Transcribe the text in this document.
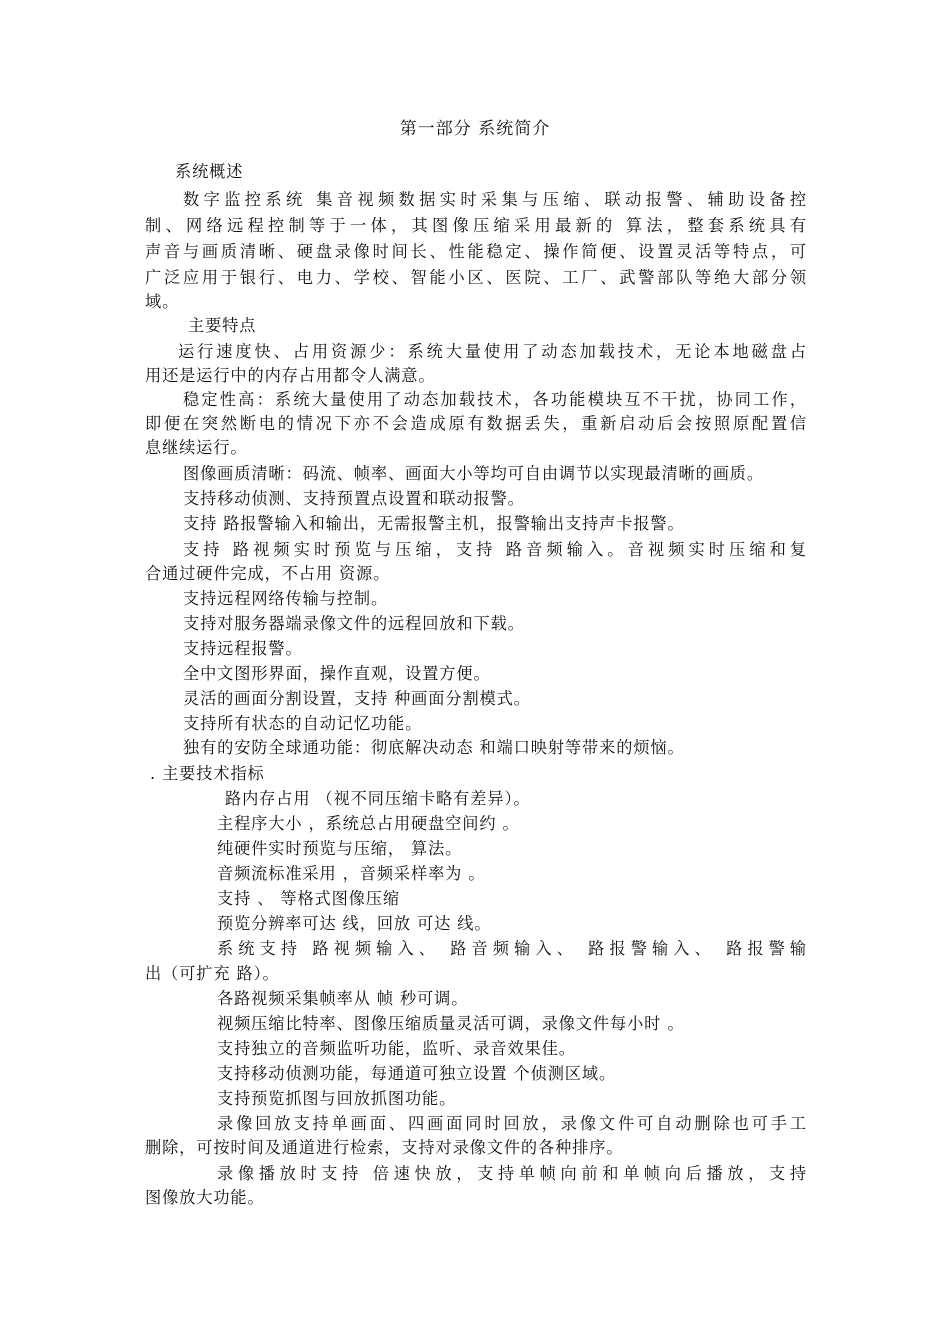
第一部分 系统简介
系统概述
数字监控系统 集音视频数据实时采集与压缩、联动报警、辅助设备控
制、网络远程控制等于一体，其图像压缩采用最新的 算法，整套系统具有
声音与画质清晰、硬盘录像时间长、性能稳定、操作简便、设置灵活等特点，可
广泛应用于银行、电力、学校、智能小区、医院、工厂、武警部队等绝大部分领
域。
主要特点
运行速度快、占用资源少：系统大量使用了动态加载技术，无论本地磁盘占
用还是运行中的内存占用都令人满意。
稳定性高：系统大量使用了动态加载技术，各功能模块互不干扰，协同工作，
即便在突然断电的情况下亦不会造成原有数据丢失，重新启动后会按照原配置信
息继续运行。
图像画质清晰：码流、帧率、画面大小等均可自由调节以实现最清晰的画质。
支持移动侦测、支持预置点设置和联动报警。
支持 路报警输入和输出，无需报警主机，报警输出支持声卡报警。
支持 路视频实时预览与压缩，支持 路音频输入。音视频实时压缩和复
合通过硬件完成，不占用 资源。
支持远程网络传输与控制。
支持对服务器端录像文件的远程回放和下载。
支持远程报警。
全中文图形界面，操作直观，设置方便。
灵活的画面分割设置，支持 种画面分割模式。
支持所有状态的自动记忆功能。
独有的安防全球通功能：彻底解决动态 和端口映射等带来的烦恼。
. 主要技术指标
路内存占用 （视不同压缩卡略有差异）。
主程序大小 ，系统总占用硬盘空间约 。
纯硬件实时预览与压缩， 算法。
音频流标准采用 ，音频采样率为 。
支持 、 等格式图像压缩
预览分辨率可达 线，回放 可达 线。
系统支持 路视频输入、 路音频输入、 路报警输入、 路报警输
出（可扩充 路）。
各路视频采集帧率从 帧 秒可调。
视频压缩比特率、图像压缩质量灵活可调，录像文件每小时 。
支持独立的音频监听功能，监听、录音效果佳。
支持移动侦测功能，每通道可独立设置 个侦测区域。
支持预览抓图与回放抓图功能。
录像回放支持单画面、四画面同时回放，录像文件可自动删除也可手工
删除，可按时间及通道进行检索，支持对录像文件的各种排序。
录像播放时支持 倍速快放，支持单帧向前和单帧向后播放，支持
图像放大功能。
